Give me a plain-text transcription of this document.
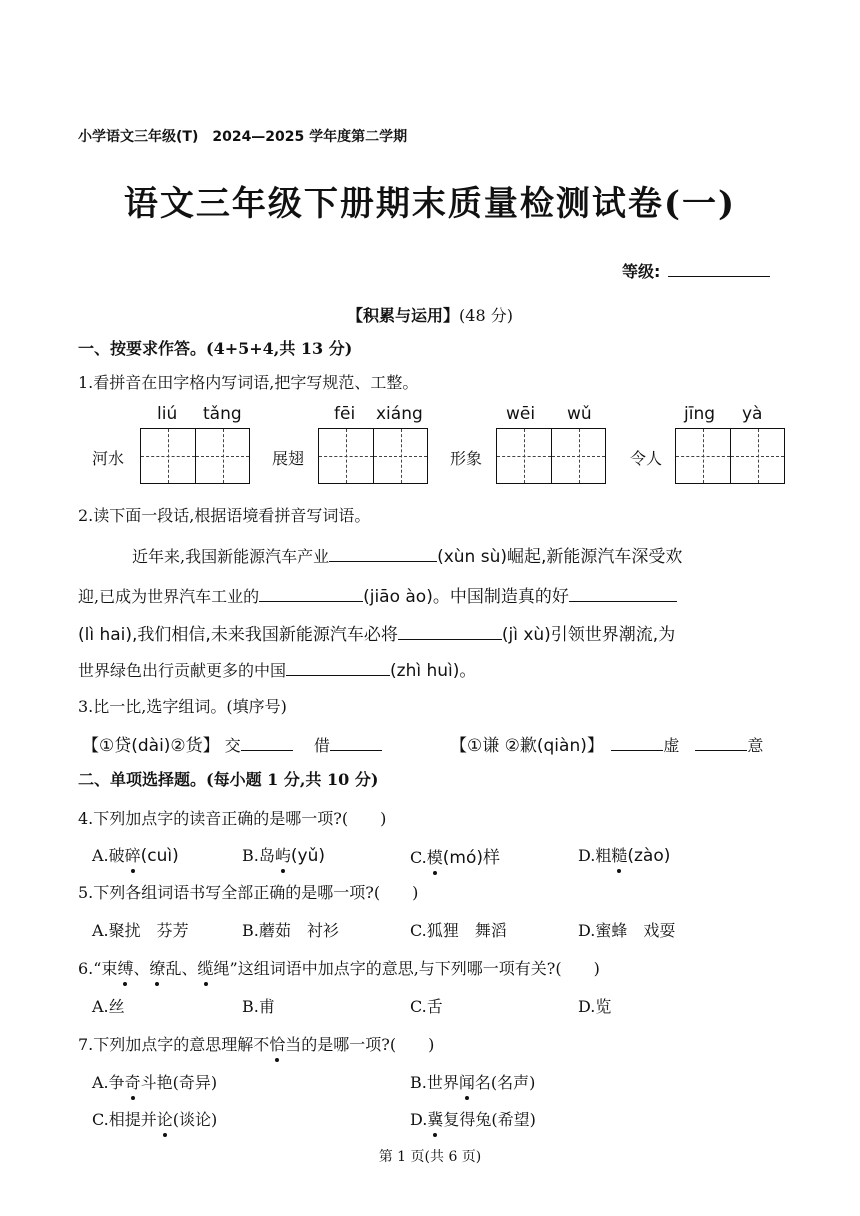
小学语文三年级(T)　2024—2025 学年度第二学期
语文三年级下册期末质量检测试卷(一)
等级:
【积累与运用】(48 分)
一、按要求作答。(4+5+4,共 13 分)
1.看拼音在田字格内写词语,把字写规范、工整。
liú tǎng	fēi xiáng	wēi wǔ	jīng yà
河水	展翅	形象	令人
2.读下面一段话,根据语境看拼音写词语。
近年来,我国新能源汽车产业	(xùn sù)崛起,新能源汽车深受欢
迎,已成为世界汽车工业的	(jiāo ào)。中国制造真的好
(lì hai),我们相信,未来我国新能源汽车必将	(jì xù)引领世界潮流,为
世界绿色出行贡献更多的中国	(zhì huì)。
3.比一比,选字组词。(填序号)
【①贷(dài)②货】 交　	借	【①谦 ②歉(qiàn)】　	虚　	意
二、单项选择题。(每小题 1 分,共 10 分)
4.下列加点字的读音正确的是哪一项?(　　)
A.破碎(cuì)	B.岛屿(yǔ)	C.模(mó)样	D.粗糙(zào)
5.下列各组词语书写全部正确的是哪一项?(　　)
A.聚扰　芬芳	B.蘑茹　衬衫	C.狐狸　舞滔	D.蜜蜂　戏耍
6.“束缚、缭乱、缆绳”这组词语中加点字的意思,与下列哪一项有关?(　　)
A.丝	B.甫	C.舌	D.览
7.下列加点字的意思理解不恰当的是哪一项?(　　)
A.争奇斗艳(奇异)	B.世界闻名(名声)
C.相提并论(谈论)	D.冀复得兔(希望)
第 1 页(共 6 页)
